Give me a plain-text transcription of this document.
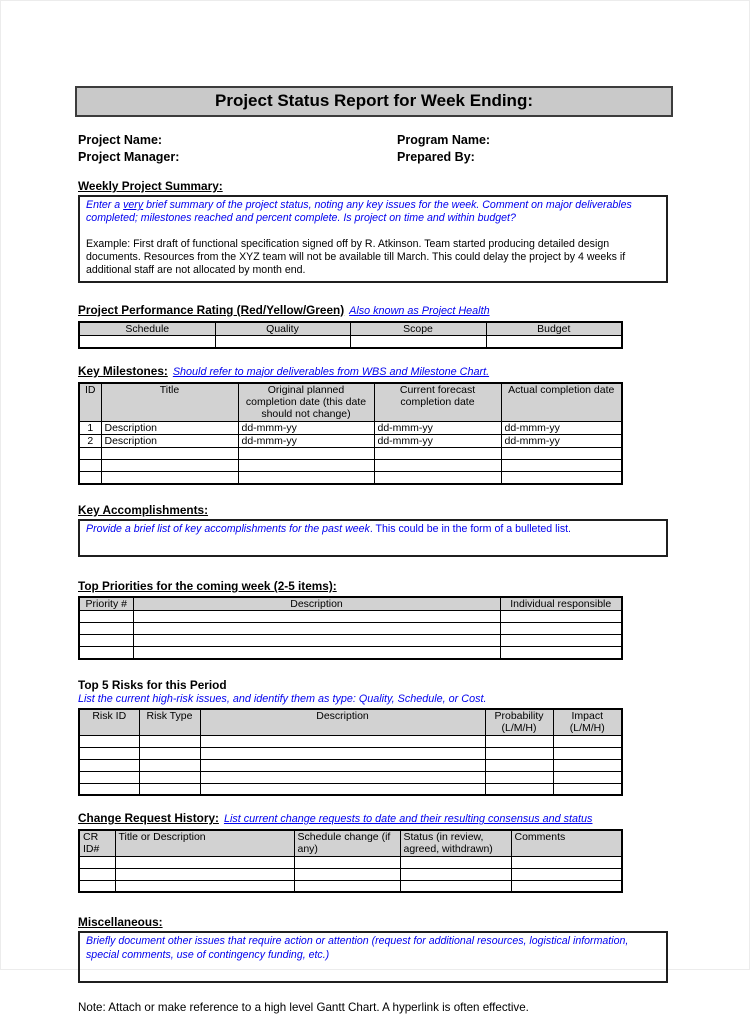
Project Status Report for Week Ending:
Project Name:
Project Manager:
Program Name:
Prepared By:
Weekly Project Summary:
Enter a very brief summary of the project status, noting any key issues for the week. Comment on major deliverables completed; milestones reached and percent complete. Is project on time and within budget?
Example: First draft of functional specification signed off by R. Atkinson. Team started producing detailed design documents. Resources from the XYZ team will not be available till March. This could delay the project by 4 weeks if additional staff are not allocated by month end.
Project Performance Rating (Red/Yellow/Green) Also known as Project Health
Schedule	Quality	Scope	Budget

Key Milestones: Should refer to major deliverables from WBS and Milestone Chart.
ID	Title	Original planned completion date (this date should not change)	Current forecast completion date	Actual completion date
1	Description	dd-mmm-yy	dd-mmm-yy	dd-mmm-yy
2	Description	dd-mmm-yy	dd-mmm-yy	dd-mmm-yy

Key Accomplishments:
Provide a brief list of key accomplishments for the past week. This could be in the form of a bulleted list.
Top Priorities for the coming week (2-5 items):
Priority #	Description	Individual responsible

Top 5 Risks for this Period
List the current high-risk issues, and identify them as type: Quality, Schedule, or Cost.
Risk ID	Risk Type	Description	Probability (L/M/H)	Impact (L/M/H)

Change Request History: List current change requests to date and their resulting consensus and status
CR ID#	Title or Description	Schedule change (if any)	Status (in review, agreed, withdrawn)	Comments

Miscellaneous:
Briefly document other issues that require action or attention (request for additional resources, logistical information, special comments, use of contingency funding, etc.)
Note: Attach or make reference to a high level Gantt Chart. A hyperlink is often effective.
